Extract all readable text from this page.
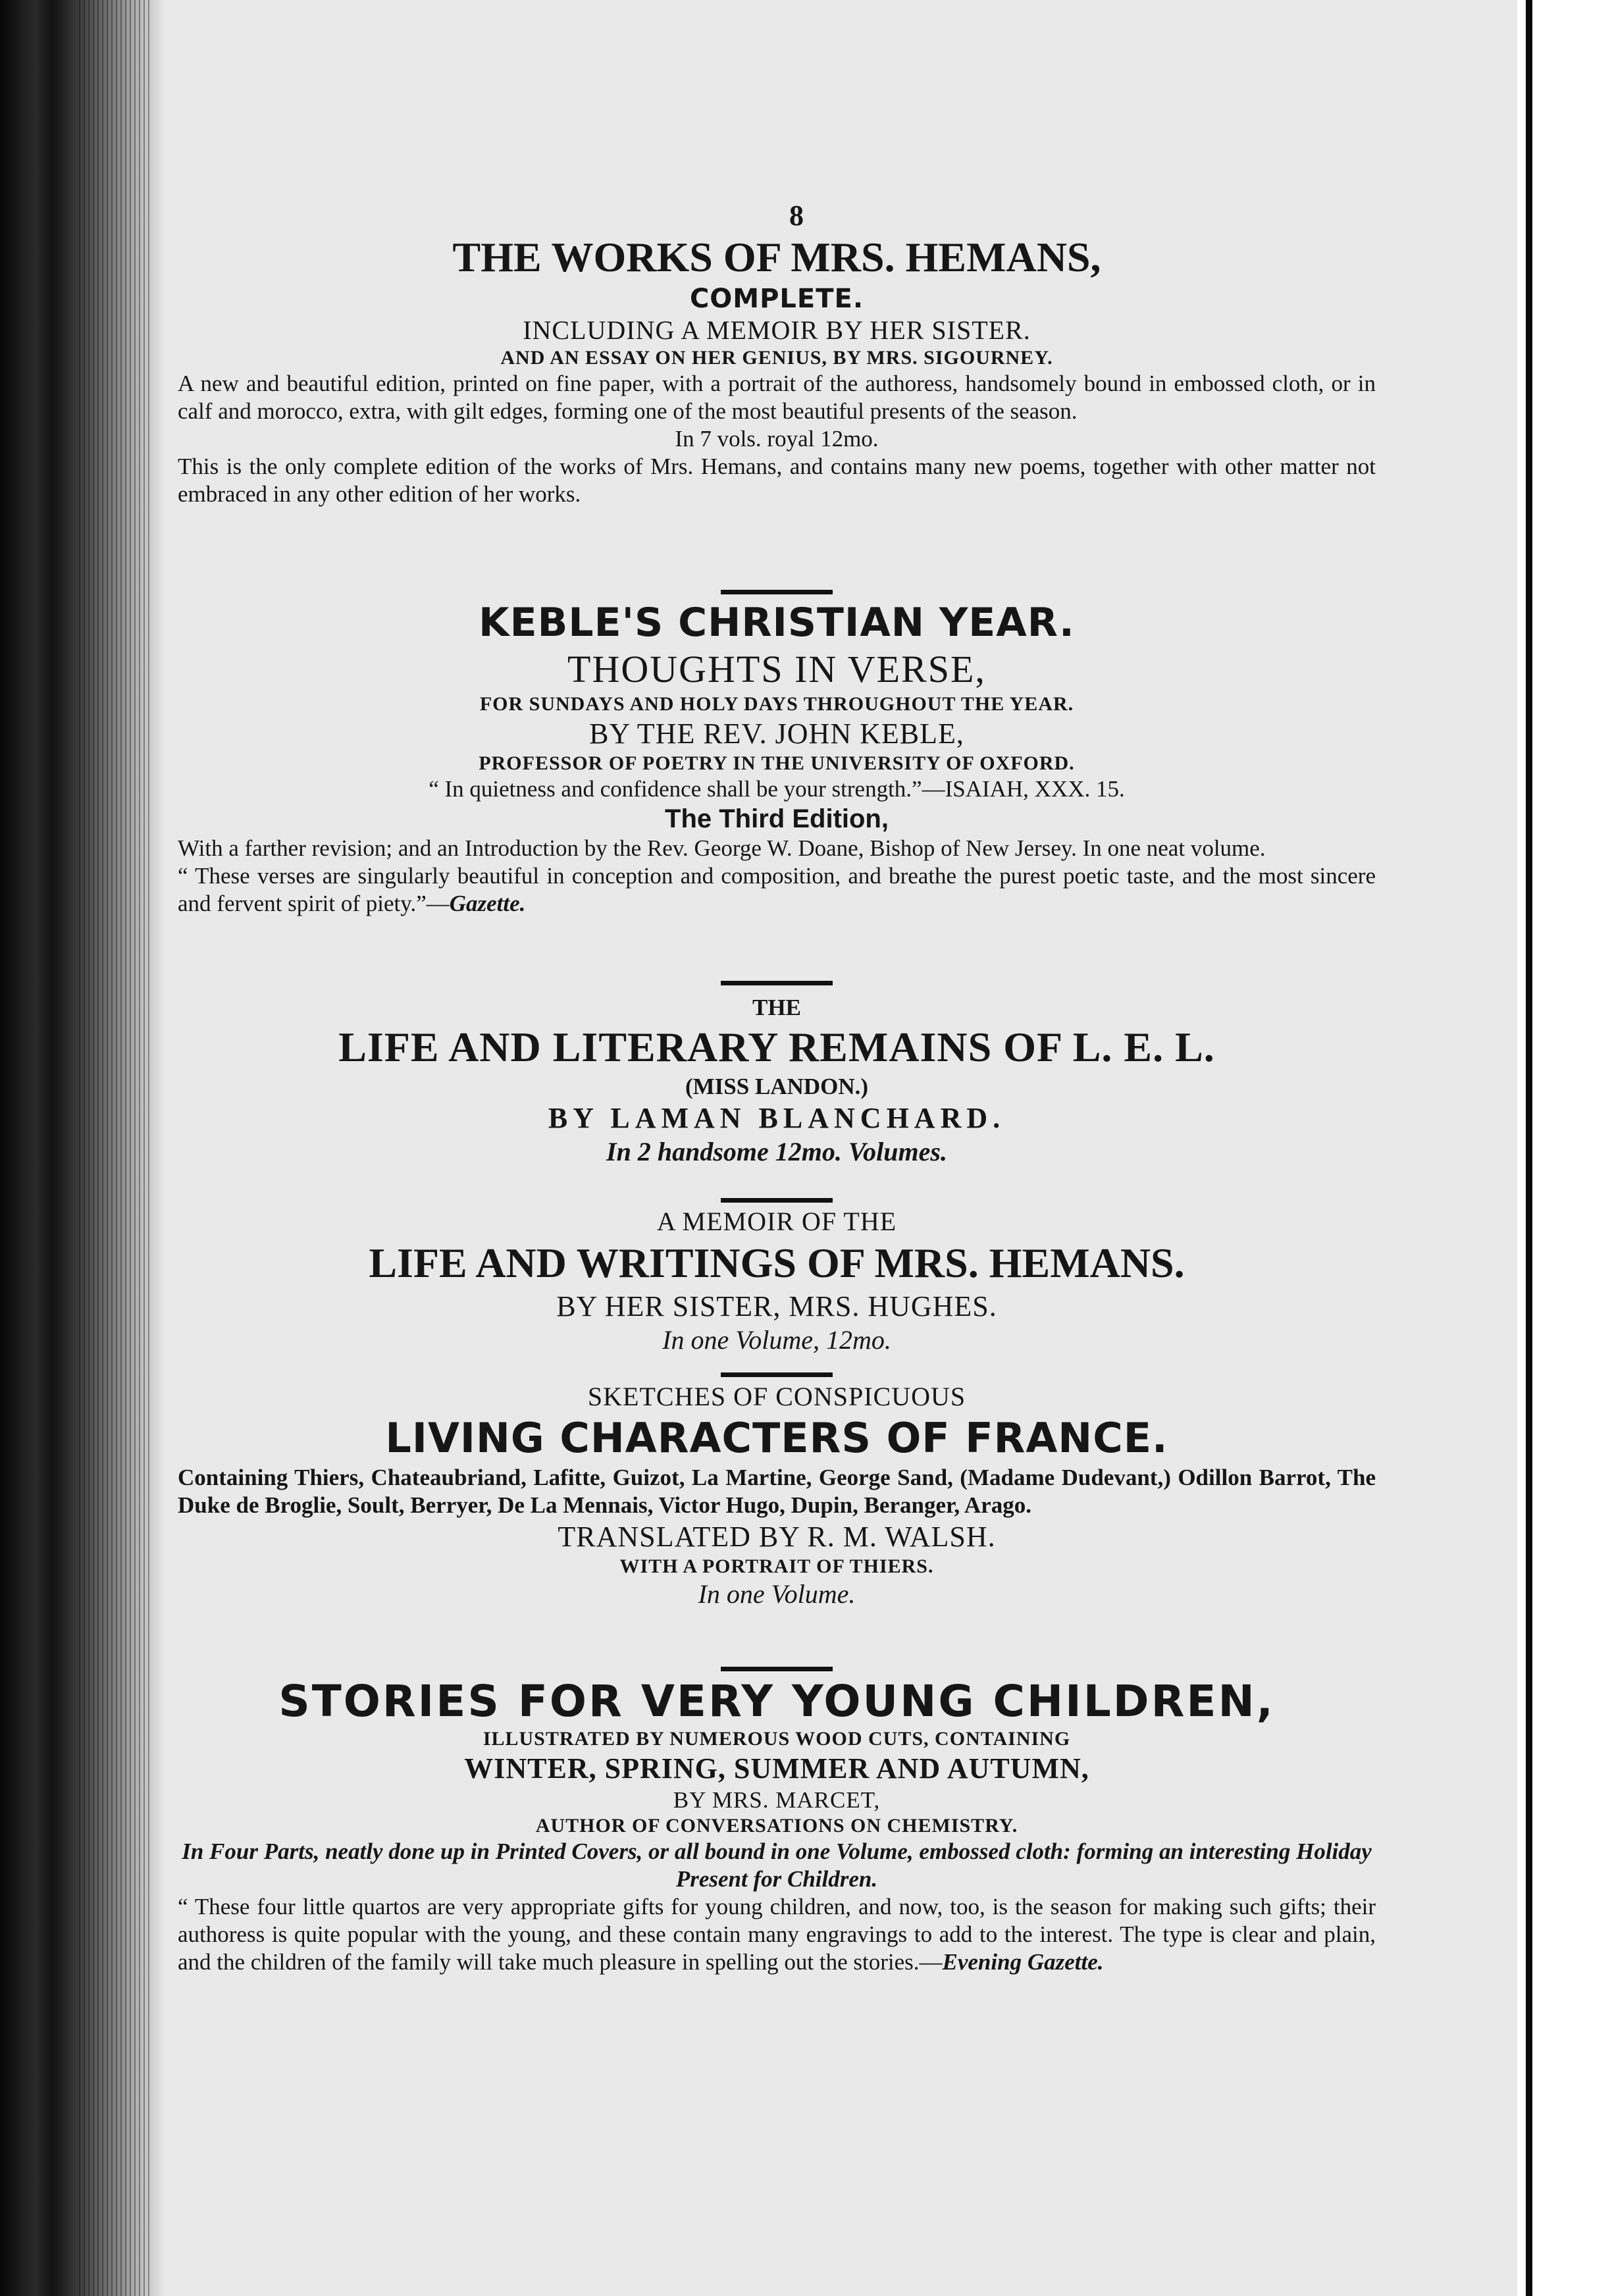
8

THE WORKS OF MRS. HEMANS,

COMPLETE.

INCLUDING A MEMOIR BY HER SISTER.

AND AN ESSAY ON HER GENIUS, BY MRS. SIGOURNEY.

A new and beautiful edition, printed on fine paper, with a portrait of the authoress, handsomely bound in embossed cloth, or in calf and morocco, extra, with gilt edges, forming one of the most beautiful presents of the season.

In 7 vols. royal 12mo.

This is the only complete edition of the works of Mrs. Hemans, and contains many new poems, together with other matter not embraced in any other edition of her works.

KEBLE'S CHRISTIAN YEAR.

THOUGHTS IN VERSE,

FOR SUNDAYS AND HOLY DAYS THROUGHOUT THE YEAR.

BY THE REV. JOHN KEBLE,

PROFESSOR OF POETRY IN THE UNIVERSITY OF OXFORD.

“ In quietness and confidence shall be your strength.”—ISAIAH, XXX. 15.

The Third Edition,

With a farther revision; and an Introduction by the Rev. George W. Doane, Bishop of New Jersey. In one neat volume.

“ These verses are singularly beautiful in conception and composition, and breathe the purest poetic taste, and the most sincere and fervent spirit of piety.”—Gazette.

THE

LIFE AND LITERARY REMAINS OF L. E. L.

(MISS LANDON.)

BY LAMAN BLANCHARD.

In 2 handsome 12mo. Volumes.

A MEMOIR OF THE

LIFE AND WRITINGS OF MRS. HEMANS.

BY HER SISTER, MRS. HUGHES.

In one Volume, 12mo.

SKETCHES OF CONSPICUOUS

LIVING CHARACTERS OF FRANCE.

Containing Thiers, Chateaubriand, Lafitte, Guizot, La Martine, George Sand, (Madame Dudevant,) Odillon Barrot, The Duke de Broglie, Soult, Berryer, De La Mennais, Victor Hugo, Dupin, Beranger, Arago.

TRANSLATED BY R. M. WALSH.

WITH A PORTRAIT OF THIERS.

In one Volume.

STORIES FOR VERY YOUNG CHILDREN,

ILLUSTRATED BY NUMEROUS WOOD CUTS, CONTAINING

WINTER, SPRING, SUMMER AND AUTUMN,

BY MRS. MARCET,

AUTHOR OF CONVERSATIONS ON CHEMISTRY.

In Four Parts, neatly done up in Printed Covers, or all bound in one Volume, embossed cloth: forming an interesting Holiday Present for Children.

“ These four little quartos are very appropriate gifts for young children, and now, too, is the season for making such gifts; their authoress is quite popular with the young, and these contain many engravings to add to the interest. The type is clear and plain, and the children of the family will take much pleasure in spelling out the stories.—Evening Gazette.
